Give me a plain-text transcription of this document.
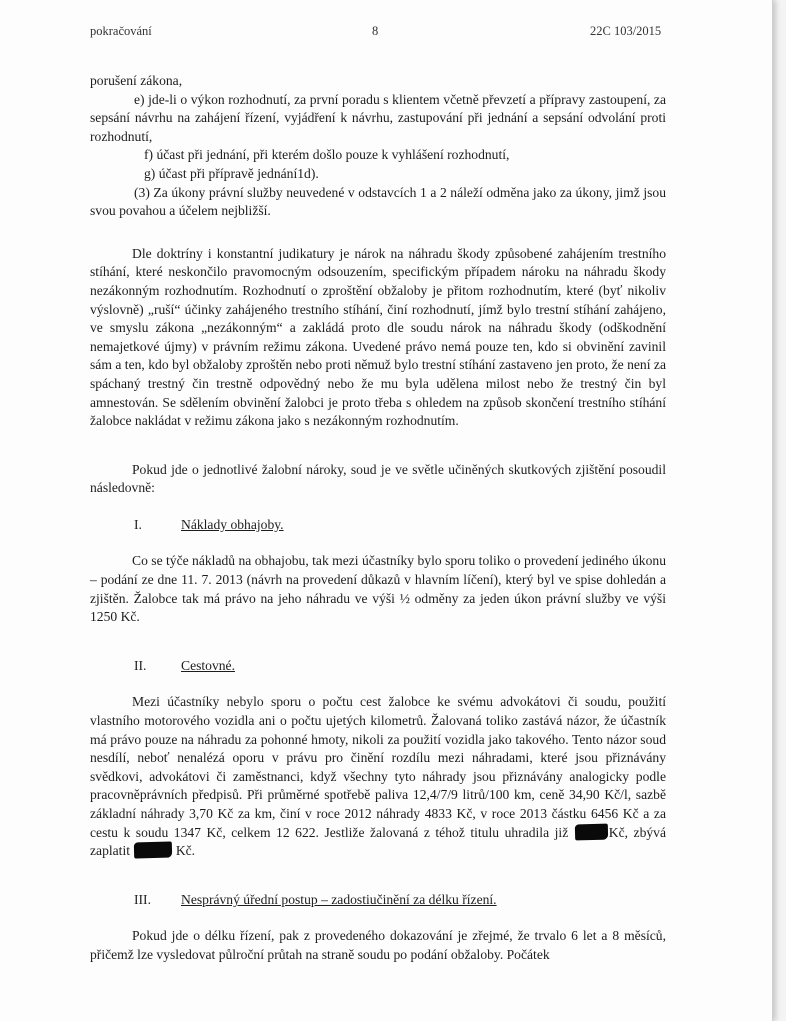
pokračování	8	22C 103/2015

porušení zákona,

e) jde-li o výkon rozhodnutí, za první poradu s klientem včetně převzetí a přípravy zastoupení, za sepsání návrhu na zahájení řízení, vyjádření k návrhu, zastupování při jednání a sepsání odvolání proti rozhodnutí,

f) účast při jednání, při kterém došlo pouze k vyhlášení rozhodnutí,

g) účast při přípravě jednání1d).

(3) Za úkony právní služby neuvedené v odstavcích 1 a 2 náleží odměna jako za úkony, jimž jsou svou povahou a účelem nejbližší.

Dle doktríny i konstantní judikatury je nárok na náhradu škody způsobené zahájením trestního stíhání, které neskončilo pravomocným odsouzením, specifickým případem nároku na náhradu škody nezákonným rozhodnutím. Rozhodnutí o zproštění obžaloby je přitom rozhodnutím, které (byť nikoliv výslovně) „ruší“ účinky zahájeného trestního stíhání, činí rozhodnutí, jímž bylo trestní stíhání zahájeno, ve smyslu zákona „nezákonným“ a zakládá proto dle soudu nárok na náhradu škody (odškodnění nemajetkové újmy) v právním režimu zákona. Uvedené právo nemá pouze ten, kdo si obvinění zavinil sám a ten, kdo byl obžaloby zproštěn nebo proti němuž bylo trestní stíhání zastaveno jen proto, že není za spáchaný trestný čin trestně odpovědný nebo že mu byla udělena milost nebo že trestný čin byl amnestován. Se sdělením obvinění žalobci je proto třeba s ohledem na způsob skončení trestního stíhání žalobce nakládat v režimu zákona jako s nezákonným rozhodnutím.

Pokud jde o jednotlivé žalobní nároky, soud je ve světle učiněných skutkových zjištění posoudil následovně:

I.	Náklady obhajoby.

Co se týče nákladů na obhajobu, tak mezi účastníky bylo sporu toliko o provedení jediného úkonu – podání ze dne 11. 7. 2013 (návrh na provedení důkazů v hlavním líčení), který byl ve spise dohledán a zjištěn. Žalobce tak má právo na jeho náhradu ve výši ½ odměny za jeden úkon právní služby ve výši 1250 Kč.

II.	Cestovné.

Mezi účastníky nebylo sporu o počtu cest žalobce ke svému advokátovi či soudu, použití vlastního motorového vozidla ani o počtu ujetých kilometrů. Žalovaná toliko zastává názor, že účastník má právo pouze na náhradu za pohonné hmoty, nikoli za použití vozidla jako takového. Tento názor soud nesdílí, neboť nenalézá oporu v právu pro činění rozdílu mezi náhradami, které jsou přiznávány svědkovi, advokátovi či zaměstnanci, když všechny tyto náhrady jsou přiznávány analogicky podle pracovněprávních předpisů. Při průměrné spotřebě paliva 12,4/7/9 litrů/100 km, ceně 34,90 Kč/l, sazbě základní náhrady 3,70 Kč za km, činí v roce 2012 náhrady 4833 Kč, v roce 2013 částku 6456 Kč a za cestu k soudu 1347 Kč, celkem 12 622. Jestliže žalovaná z téhož titulu uhradila již	Kč, zbývá zaplatit	Kč.

III.	Nesprávný úřední postup – zadostiučinění za délku řízení.

Pokud jde o délku řízení, pak z provedeného dokazování je zřejmé, že trvalo 6 let a 8 měsíců, přičemž lze vysledovat půlroční průtah na straně soudu po podání obžaloby. Počátek
